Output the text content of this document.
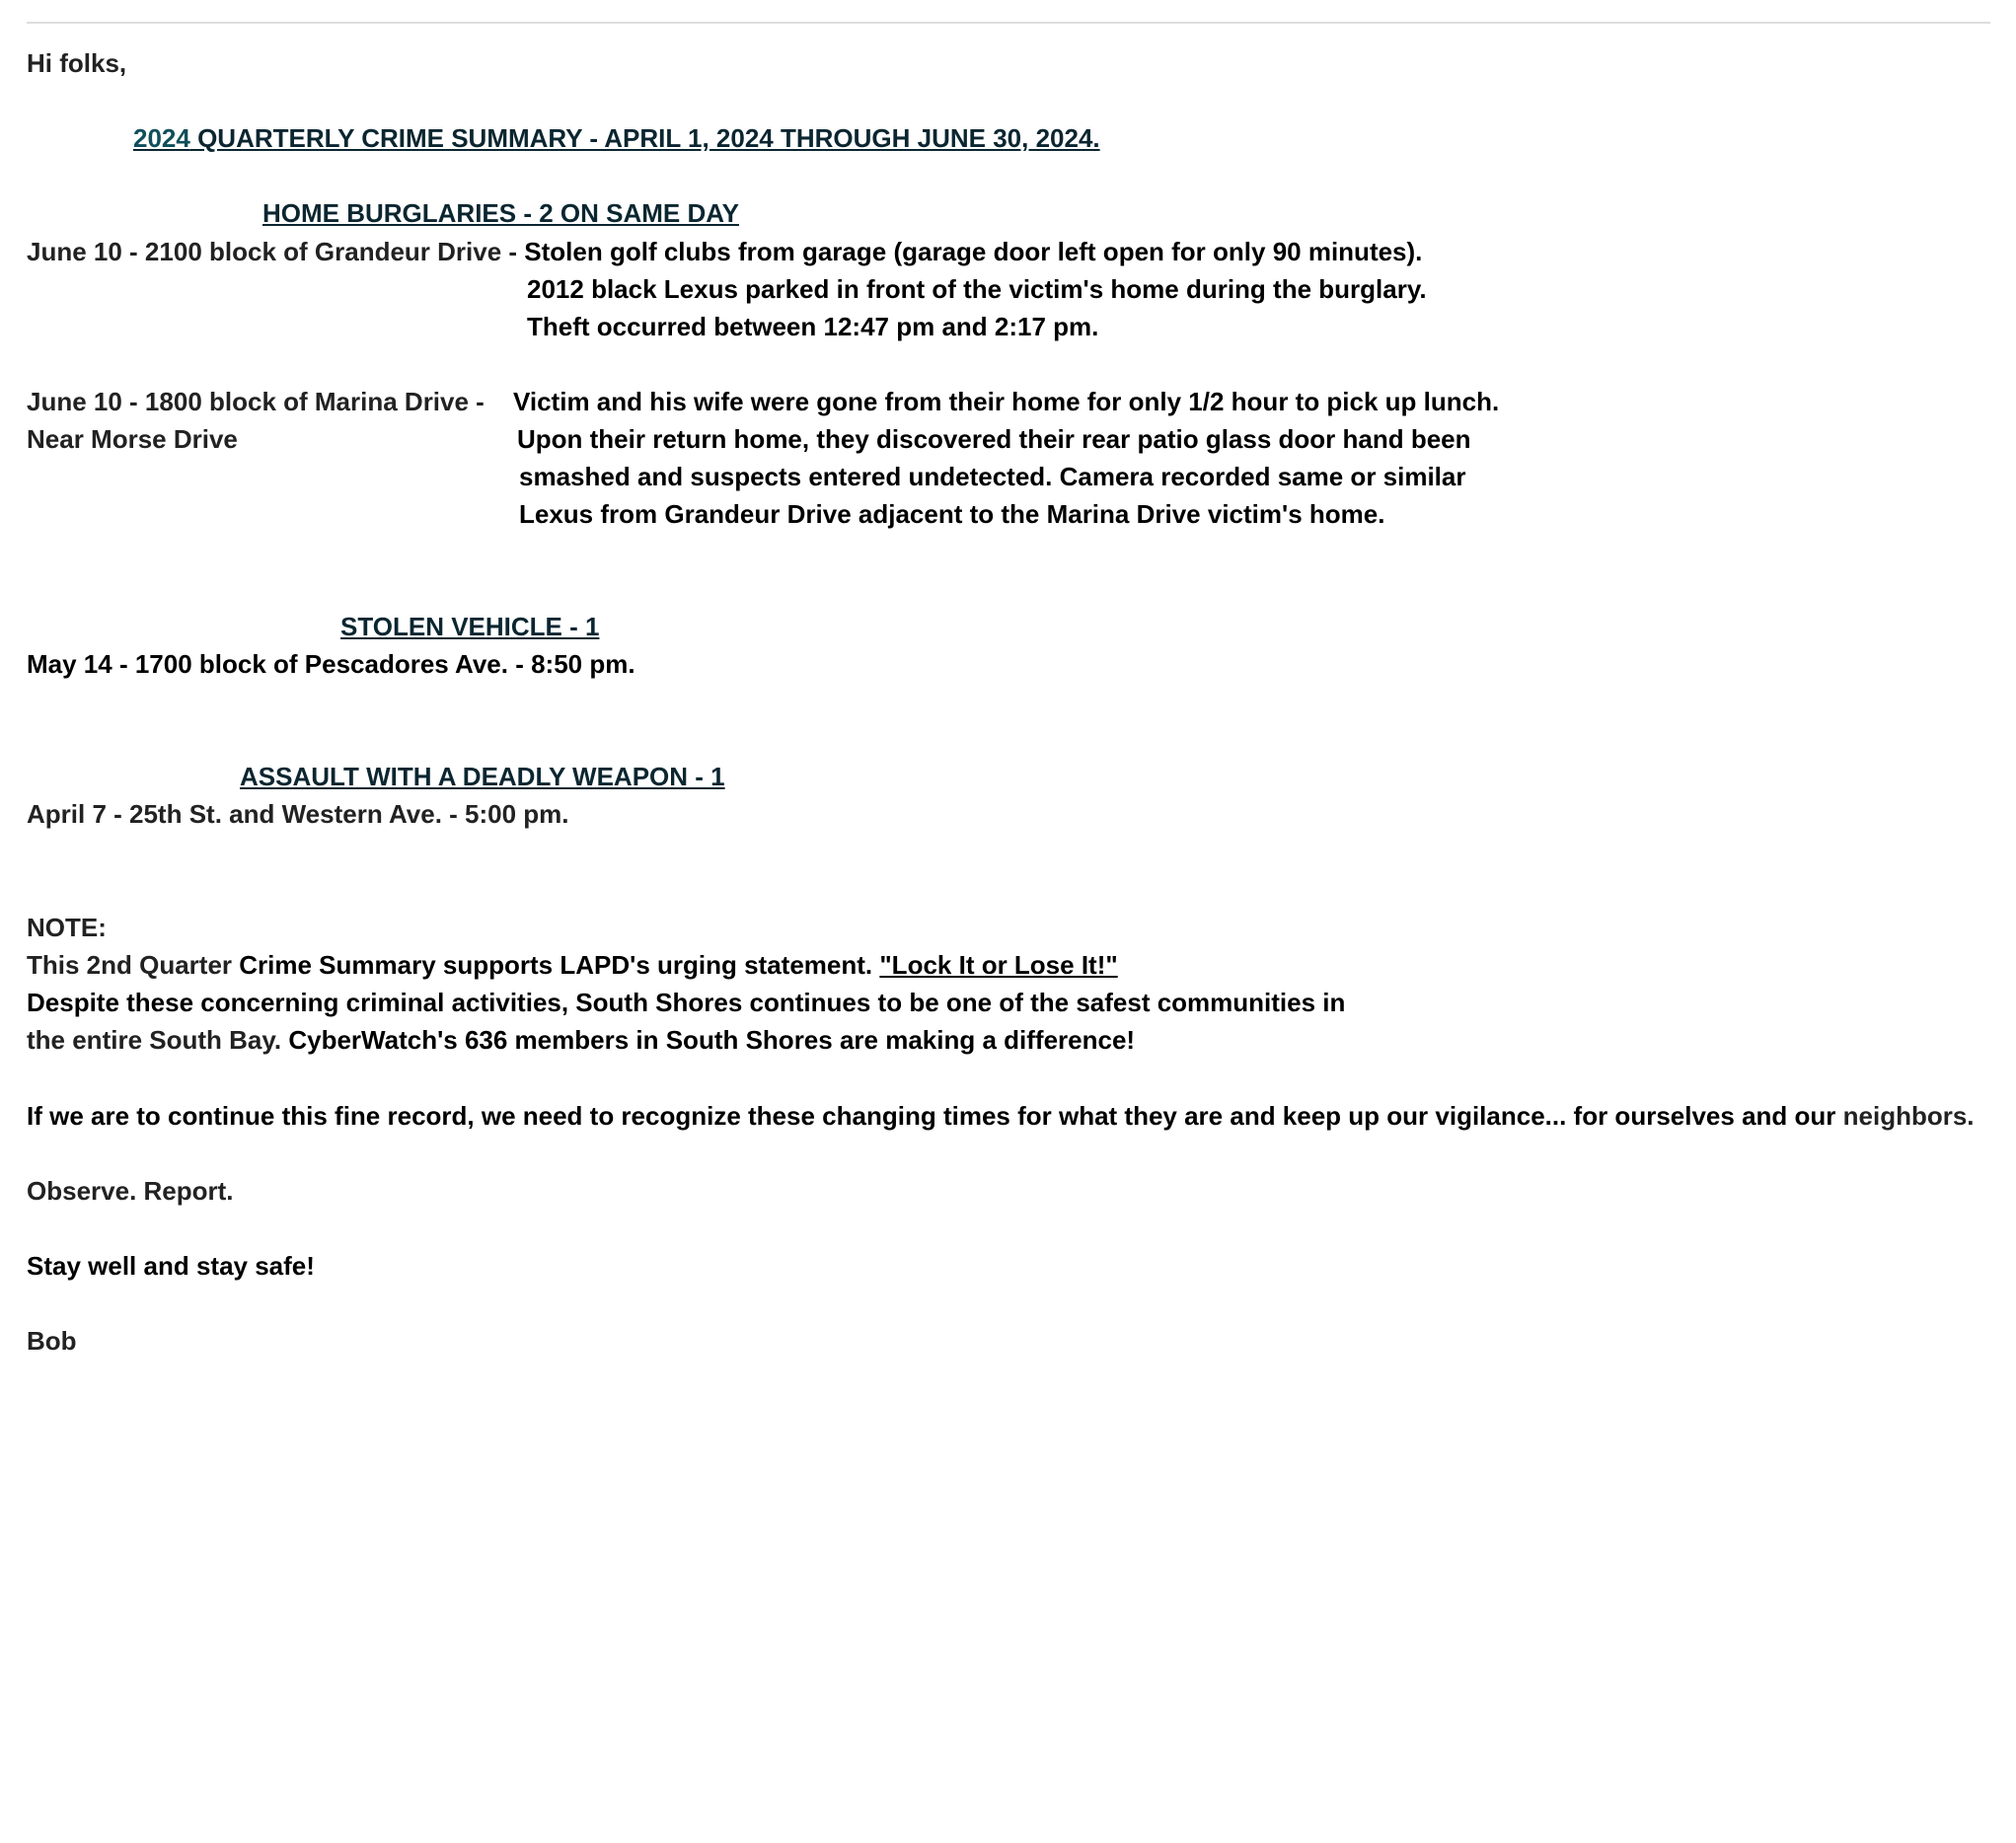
Hi folks,
2024 QUARTERLY CRIME SUMMARY - APRIL 1, 2024 THROUGH JUNE 30, 2024.
HOME BURGLARIES - 2 ON SAME DAY
June 10 - 2100 block of Grandeur Drive - Stolen golf clubs from garage (garage door left open for only 90 minutes).
2012 black Lexus parked in front of the victim's home during the burglary.
Theft occurred between 12:47 pm and 2:17 pm.
June 10 - 1800 block of Marina Drive -
Near Morse Drive
Victim and his wife were gone from their home for only 1/2 hour to pick up lunch.
Upon their return home, they discovered their rear patio glass door hand been
smashed and suspects entered undetected. Camera recorded same or similar
Lexus from Grandeur Drive adjacent to the Marina Drive victim's home.
STOLEN VEHICLE - 1
May 14 - 1700 block of Pescadores Ave. - 8:50 pm.
ASSAULT WITH A DEADLY WEAPON - 1
April 7 - 25th St. and Western Ave. - 5:00 pm.
NOTE:
This 2nd Quarter Crime Summary supports LAPD's urging statement. "Lock It or Lose It!"
Despite these concerning criminal activities, South Shores continues to be one of the safest communities in
the entire South Bay. CyberWatch's 636 members in South Shores are making a difference!
If we are to continue this fine record, we need to recognize these changing times for what they are and keep up our vigilance... for ourselves and our neighbors.
Observe. Report.
Stay well and stay safe!
Bob
